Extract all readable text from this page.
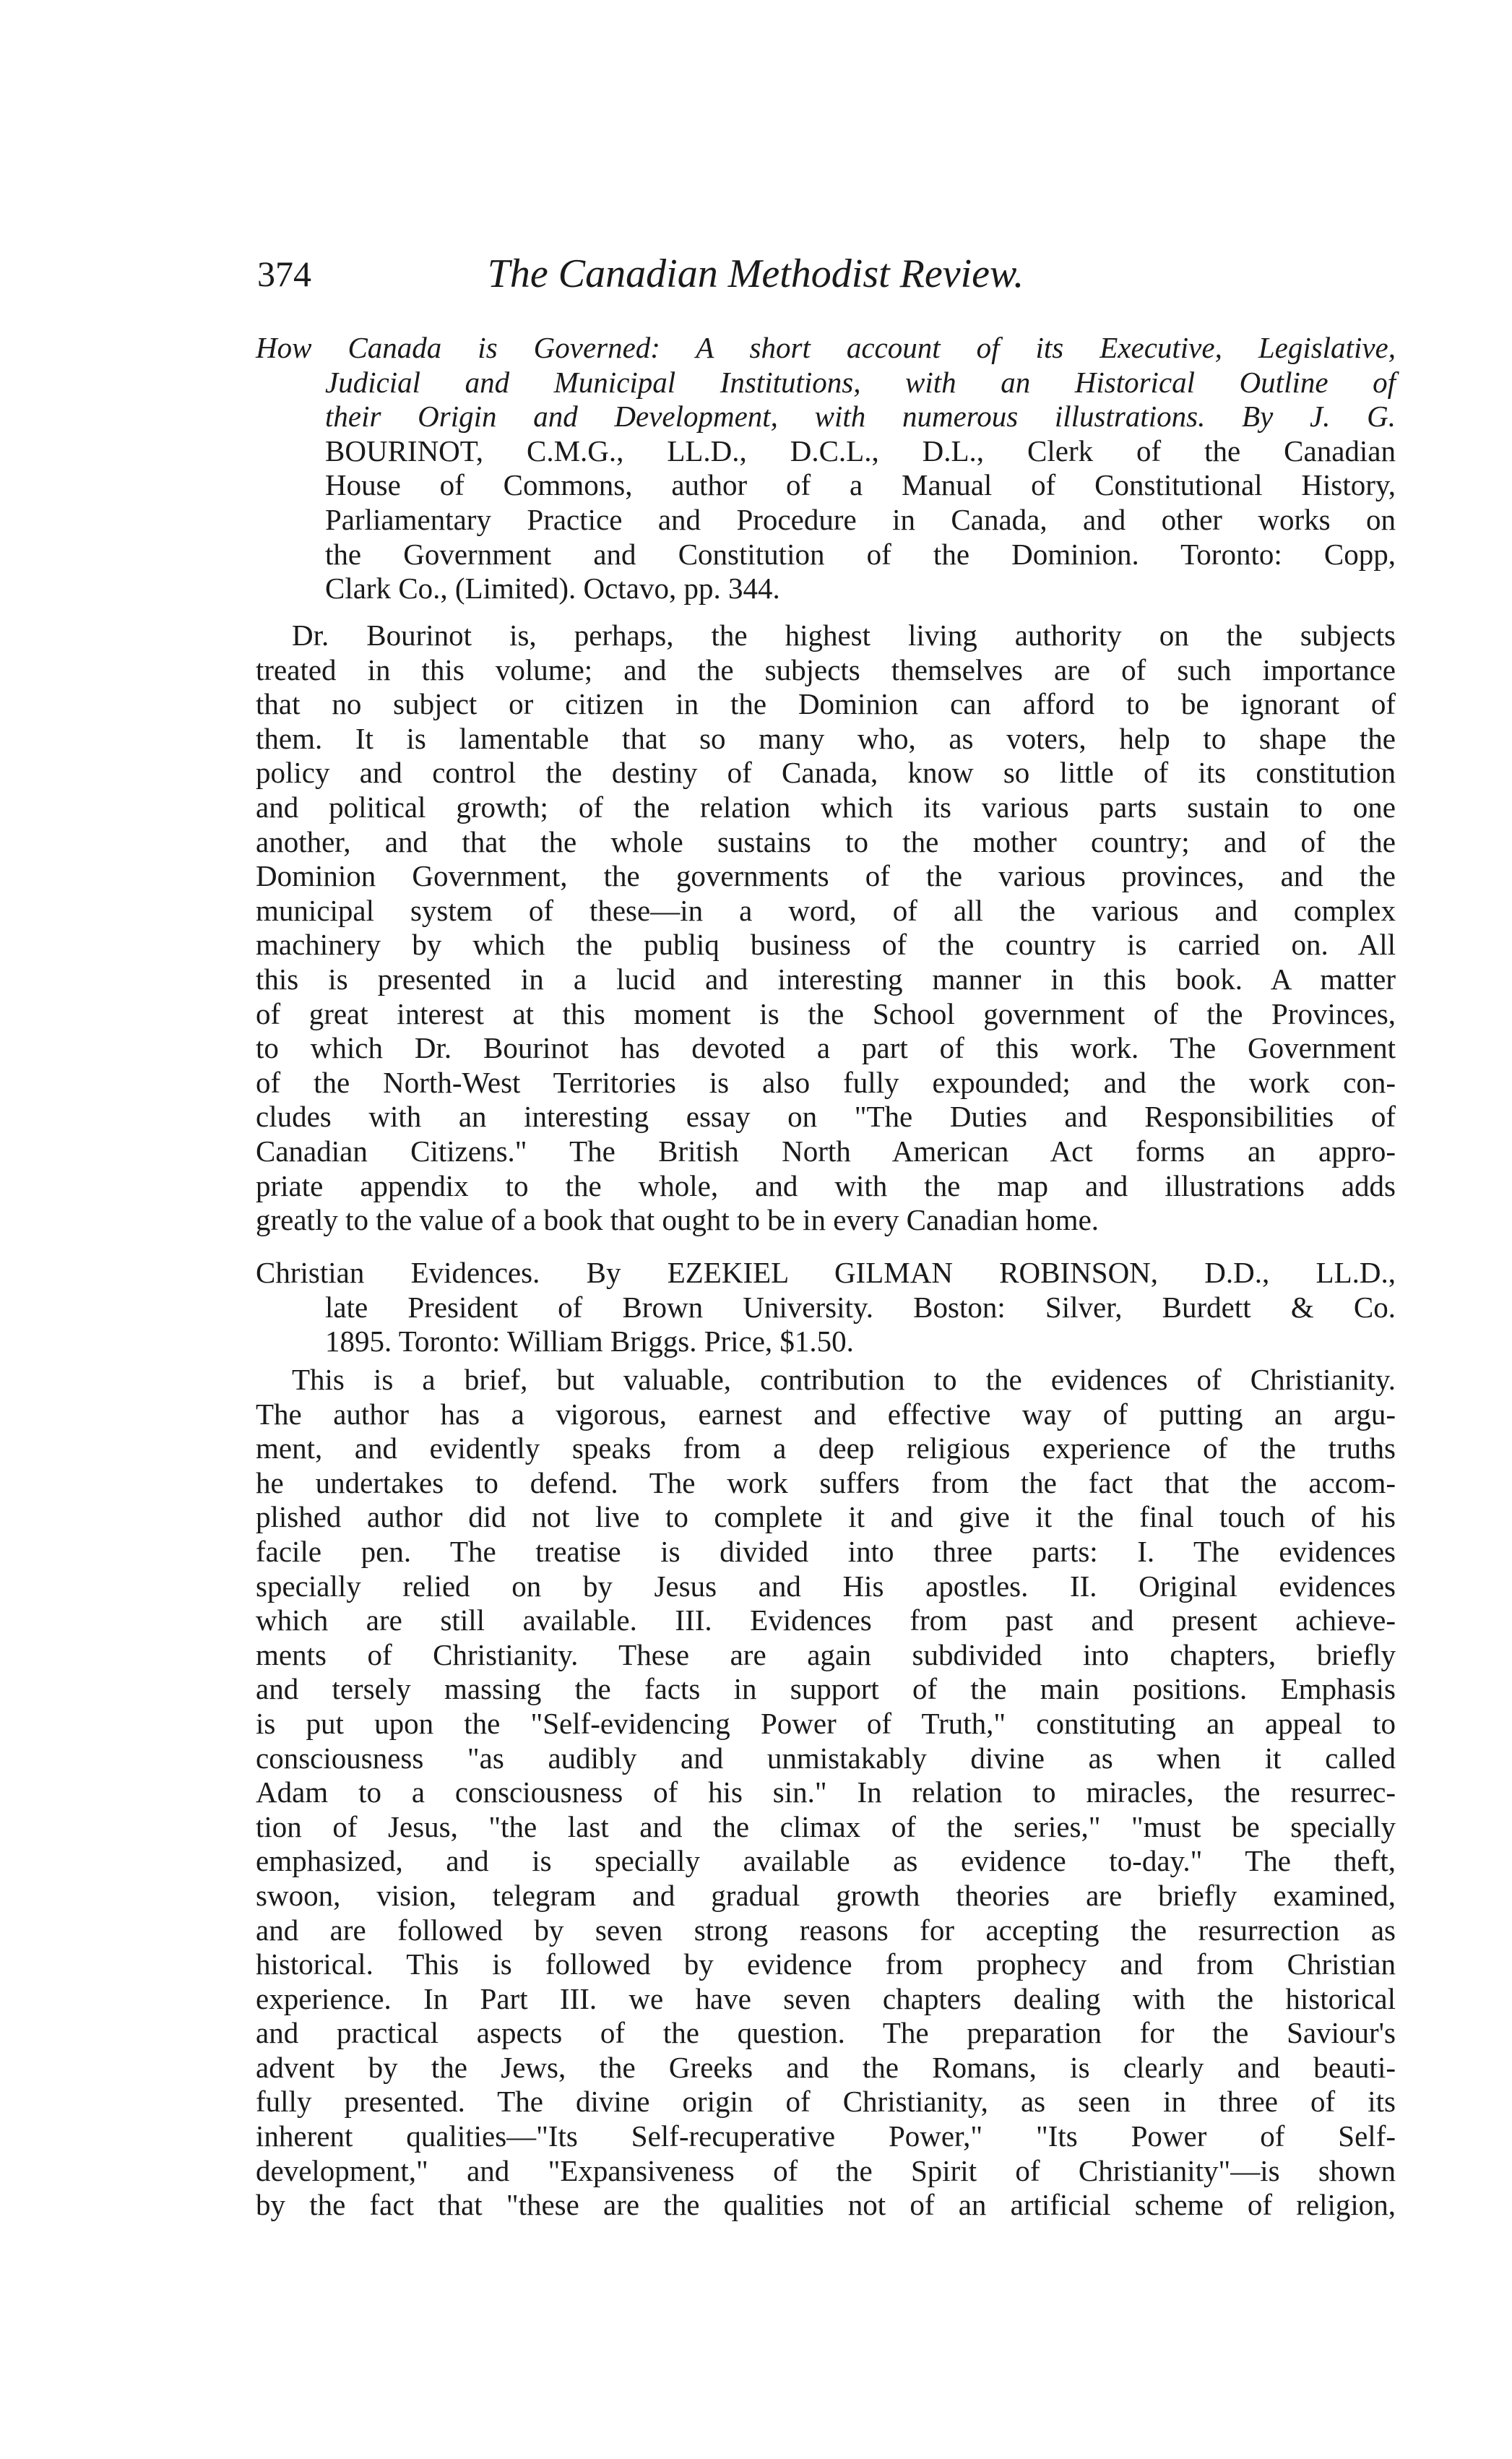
374	The Canadian Methodist Review.
How Canada is Governed: A short account of its Executive, Legislative,
Judicial and Municipal Institutions, with an Historical Outline of
their Origin and Development, with numerous illustrations. By J. G.
BOURINOT, C.M.G., LL.D., D.C.L., D.L., Clerk of the Canadian
House of Commons, author of a Manual of Constitutional History,
Parliamentary Practice and Procedure in Canada, and other works on
the Government and Constitution of the Dominion. Toronto: Copp,
Clark Co., (Limited). Octavo, pp. 344.
Dr. Bourinot is, perhaps, the highest living authority on the subjects
treated in this volume; and the subjects themselves are of such importance
that no subject or citizen in the Dominion can afford to be ignorant of
them. It is lamentable that so many who, as voters, help to shape the
policy and control the destiny of Canada, know so little of its constitution
and political growth; of the relation which its various parts sustain to one
another, and that the whole sustains to the mother country; and of the
Dominion Government, the governments of the various provinces, and the
municipal system of these—in a word, of all the various and complex
machinery by which the publiq business of the country is carried on. All
this is presented in a lucid and interesting manner in this book. A matter
of great interest at this moment is the School government of the Provinces,
to which Dr. Bourinot has devoted a part of this work. The Government
of the North-West Territories is also fully expounded; and the work con-
cludes with an interesting essay on "The Duties and Responsibilities of
Canadian Citizens." The British North American Act forms an appro-
priate appendix to the whole, and with the map and illustrations adds
greatly to the value of a book that ought to be in every Canadian home.
Christian Evidences. By EZEKIEL GILMAN ROBINSON, D.D., LL.D.,
late President of Brown University. Boston: Silver, Burdett & Co.
1895. Toronto: William Briggs. Price, $1.50.
This is a brief, but valuable, contribution to the evidences of Christianity.
The author has a vigorous, earnest and effective way of putting an argu-
ment, and evidently speaks from a deep religious experience of the truths
he undertakes to defend. The work suffers from the fact that the accom-
plished author did not live to complete it and give it the final touch of his
facile pen. The treatise is divided into three parts: I. The evidences
specially relied on by Jesus and His apostles. II. Original evidences
which are still available. III. Evidences from past and present achieve-
ments of Christianity. These are again subdivided into chapters, briefly
and tersely massing the facts in support of the main positions. Emphasis
is put upon the "Self-evidencing Power of Truth," constituting an appeal to
consciousness "as audibly and unmistakably divine as when it called
Adam to a consciousness of his sin." In relation to miracles, the resurrec-
tion of Jesus, "the last and the climax of the series," "must be specially
emphasized, and is specially available as evidence to-day." The theft,
swoon, vision, telegram and gradual growth theories are briefly examined,
and are followed by seven strong reasons for accepting the resurrection as
historical. This is followed by evidence from prophecy and from Christian
experience. In Part III. we have seven chapters dealing with the historical
and practical aspects of the question. The preparation for the Saviour's
advent by the Jews, the Greeks and the Romans, is clearly and beauti-
fully presented. The divine origin of Christianity, as seen in three of its
inherent qualities—"Its Self-recuperative Power," "Its Power of Self-
development," and "Expansiveness of the Spirit of Christianity"—is shown
by the fact that "these are the qualities not of an artificial scheme of religion,
